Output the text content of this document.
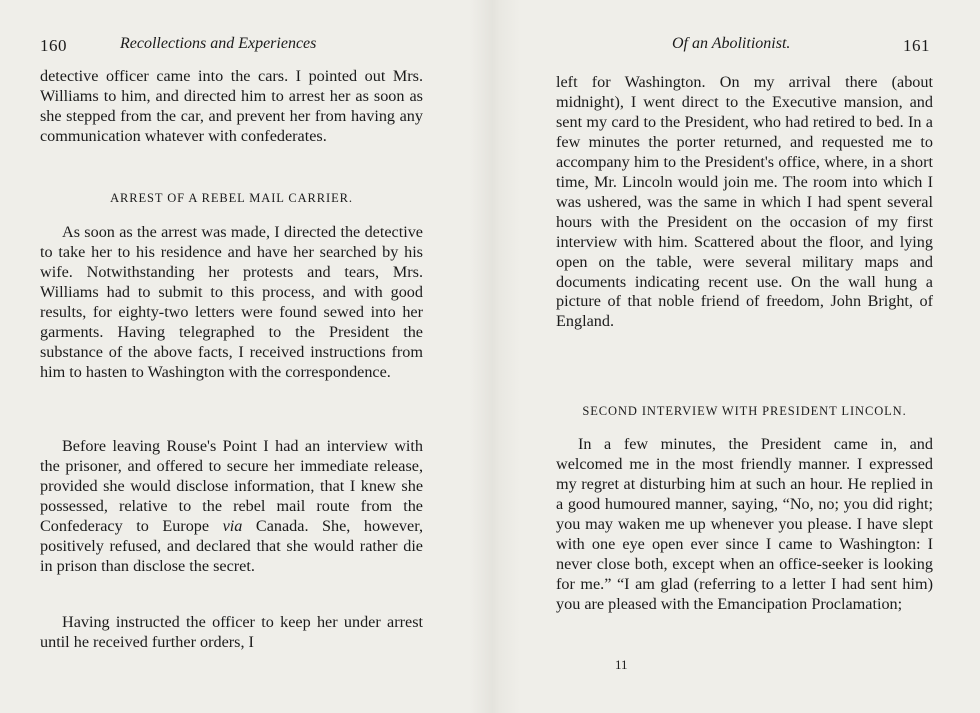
160	Recollections and Experiences

detective officer came into the cars. I pointed out Mrs. Williams to him, and directed him to arrest her as soon as she stepped from the car, and prevent her from having any communication whatever with confederates.

ARREST OF A REBEL MAIL CARRIER.

As soon as the arrest was made, I directed the detective to take her to his residence and have her searched by his wife. Notwithstanding her protests and tears, Mrs. Williams had to submit to this process, and with good results, for eighty-two letters were found sewed into her garments. Having telegraphed to the President the substance of the above facts, I received instructions from him to hasten to Washington with the correspondence.

Before leaving Rouse's Point I had an interview with the prisoner, and offered to secure her immediate release, provided she would disclose information, that I knew she possessed, relative to the rebel mail route from the Confederacy to Europe via Canada. She, however, positively refused, and declared that she would rather die in prison than disclose the secret.

Having instructed the officer to keep her under arrest until he received further orders, I

Of an Abolitionist.	161

left for Washington. On my arrival there (about midnight), I went direct to the Executive mansion, and sent my card to the President, who had retired to bed. In a few minutes the porter returned, and requested me to accompany him to the President's office, where, in a short time, Mr. Lincoln would join me. The room into which I was ushered, was the same in which I had spent several hours with the President on the occasion of my first interview with him. Scattered about the floor, and lying open on the table, were several military maps and documents indicating recent use. On the wall hung a picture of that noble friend of freedom, John Bright, of England.

SECOND INTERVIEW WITH PRESIDENT LINCOLN.

In a few minutes, the President came in, and welcomed me in the most friendly manner. I expressed my regret at disturbing him at such an hour. He replied in a good humoured manner, saying, “No, no; you did right; you may waken me up whenever you please. I have slept with one eye open ever since I came to Washington: I never close both, except when an office-seeker is looking for me.” “I am glad (referring to a letter I had sent him) you are pleased with the Emancipation Proclamation;

11
